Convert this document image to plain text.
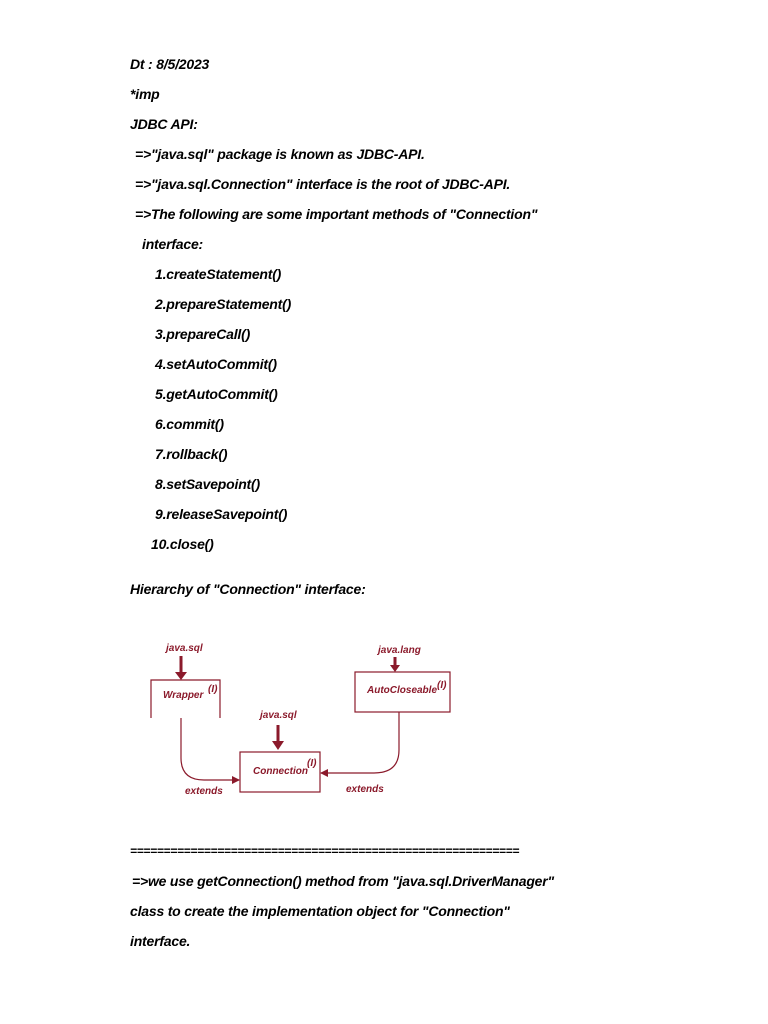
Dt : 8/5/2023
*imp
JDBC API:
=>"java.sql" package is known as JDBC-API.
=>"java.sql.Connection" interface is the root of JDBC-API.
=>The following are some important methods of "Connection"
interface:
1.createStatement()
2.prepareStatement()
3.prepareCall()
4.setAutoCommit()
5.getAutoCommit()
6.commit()
7.rollback()
8.setSavepoint()
9.releaseSavepoint()
10.close()
Hierarchy of "Connection" interface:
java.sql
Wrapper
(I)
java.lang
AutoCloseable (I)
java.sql
Connection
(I)
extends	extends
==========================================================
=>we use getConnection() method from "java.sql.DriverManager"
class to create the implementation object for "Connection"
interface.
